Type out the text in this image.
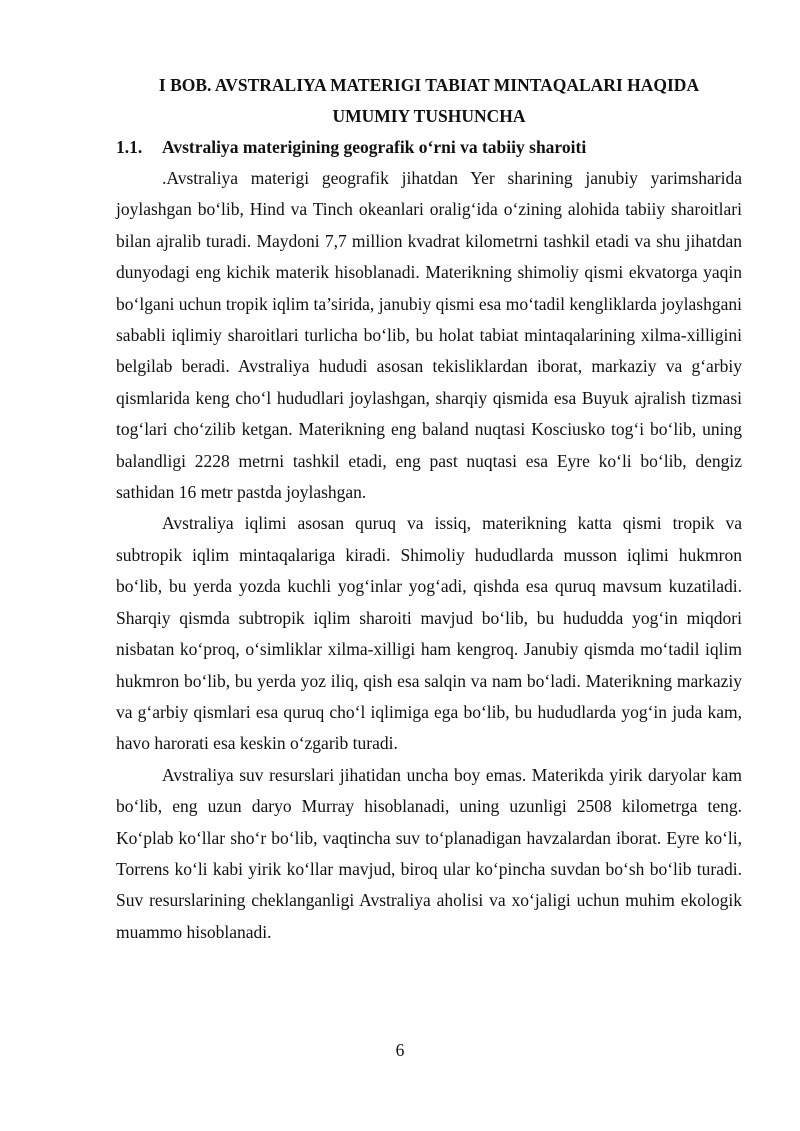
I BOB. AVSTRALIYA MATERIGI TABIAT MINTAQALARI HAQIDA
UMUMIY TUSHUNCHA
1.1.	Avstraliya materigining geografik o‘rni va tabiiy sharoiti

.Avstraliya materigi geografik jihatdan Yer sharining janubiy yarimsharida joylashgan bo‘lib, Hind va Tinch okeanlari oralig‘ida o‘zining alohida tabiiy sharoitlari bilan ajralib turadi. Maydoni 7,7 million kvadrat kilometrni tashkil etadi va shu jihatdan dunyodagi eng kichik materik hisoblanadi. Materikning shimoliy qismi ekvatorga yaqin bo‘lgani uchun tropik iqlim ta’sirida, janubiy qismi esa mo‘tadil kengliklarda joylashgani sababli iqlimiy sharoitlari turlicha bo‘lib, bu holat tabiat mintaqalarining xilma-xilligini belgilab beradi. Avstraliya hududi asosan tekisliklardan iborat, markaziy va g‘arbiy qismlarida keng cho‘l hududlari joylashgan, sharqiy qismida esa Buyuk ajralish tizmasi tog‘lari cho‘zilib ketgan. Materikning eng baland nuqtasi Kosciusko tog‘i bo‘lib, uning balandligi 2228 metrni tashkil etadi, eng past nuqtasi esa Eyre ko‘li bo‘lib, dengiz sathidan 16 metr pastda joylashgan.

Avstraliya iqlimi asosan quruq va issiq, materikning katta qismi tropik va subtropik iqlim mintaqalariga kiradi. Shimoliy hududlarda musson iqlimi hukmron bo‘lib, bu yerda yozda kuchli yog‘inlar yog‘adi, qishda esa quruq mavsum kuzatiladi. Sharqiy qismda subtropik iqlim sharoiti mavjud bo‘lib, bu hududda yog‘in miqdori nisbatan ko‘proq, o‘simliklar xilma-xilligi ham kengroq. Janubiy qismda mo‘tadil iqlim hukmron bo‘lib, bu yerda yoz iliq, qish esa salqin va nam bo‘ladi. Materikning markaziy va g‘arbiy qismlari esa quruq cho‘l iqlimiga ega bo‘lib, bu hududlarda yog‘in juda kam, havo harorati esa keskin o‘zgarib turadi.

Avstraliya suv resurslari jihatidan uncha boy emas. Materikda yirik daryolar kam bo‘lib, eng uzun daryo Murray hisoblanadi, uning uzunligi 2508 kilometrga teng. Ko‘plab ko‘llar sho‘r bo‘lib, vaqtincha suv to‘planadigan havzalardan iborat. Eyre ko‘li, Torrens ko‘li kabi yirik ko‘llar mavjud, biroq ular ko‘pincha suvdan bo‘sh bo‘lib turadi. Suv resurslarining cheklanganligi Avstraliya aholisi va xo‘jaligi uchun muhim ekologik muammo hisoblanadi.

6
